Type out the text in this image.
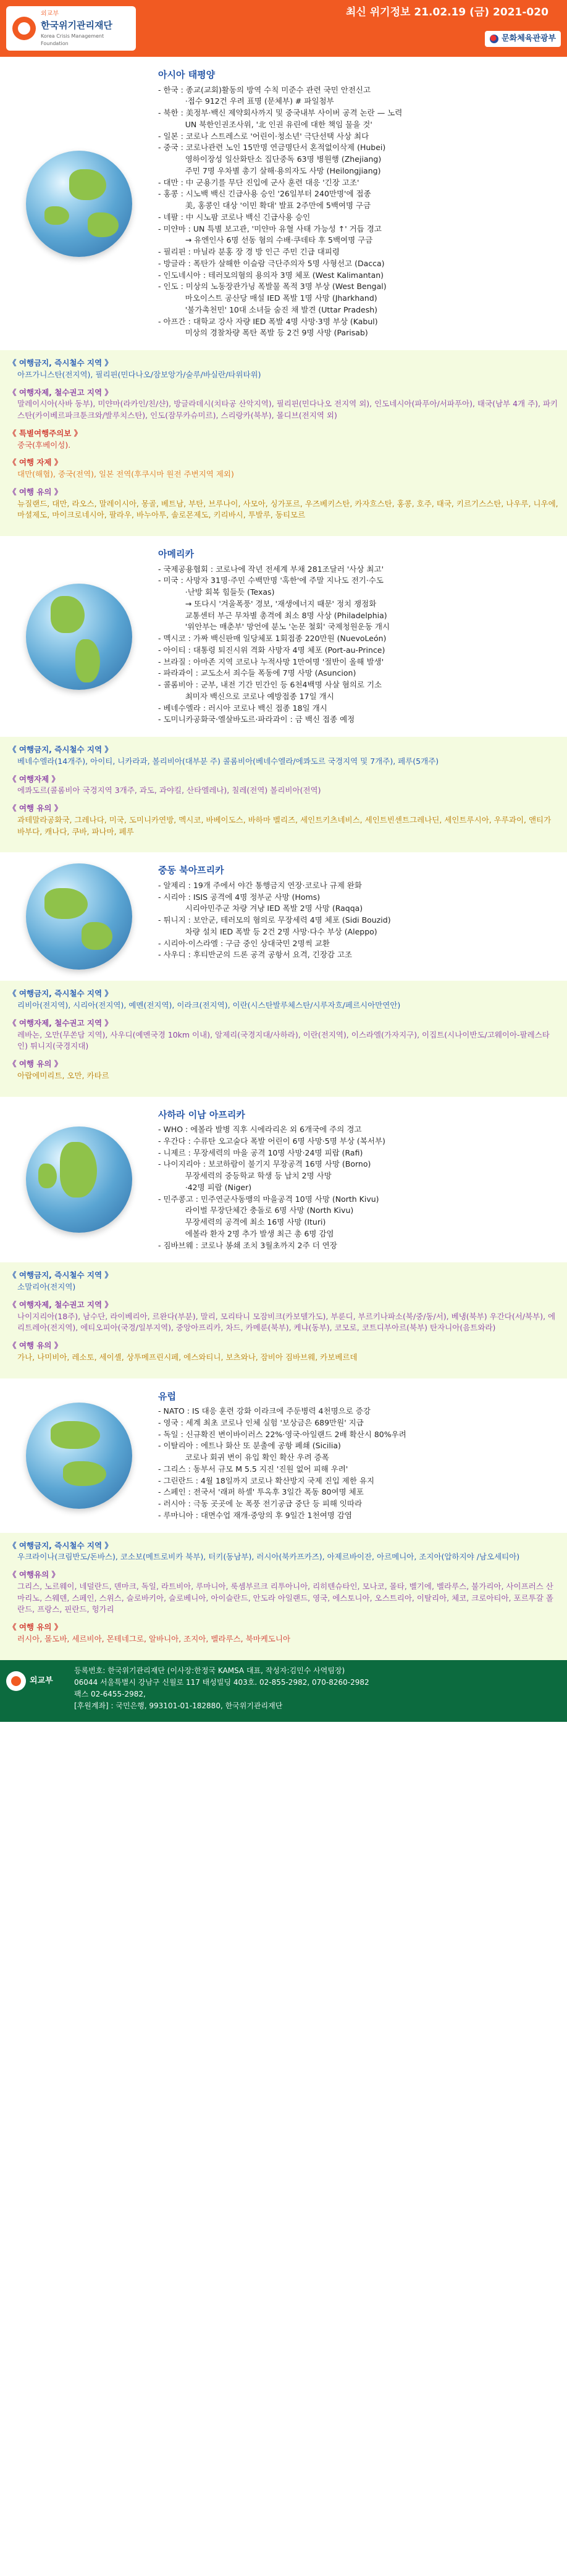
외교부
한국위기관리재단
Korea Crisis Management Foundation
최신 위기정보 21.02.19 (금) 2021-020
문화체육관광부
아시아 태평양
- 한국 : 종교(교회)활동의 방역 수칙 미준수 관련 국민 안전신고
·접수 912건 우려 표명 (문체부) # 파일첨부
- 북한 : 美정부·백신 제약회사까지 및 중국내부 사이버 공격 논란 — 노력
UN 북한인권조사위, '北 인권 유린에 대한 책임 물을 것'
- 일본 : 코로나 스트레스로 '어린이·청소년' 극단선택 사상 최다
- 중국 : 코로나관련 노인 15만명 연금명단서 혼적없이삭제 (Hubei)
영하이장성 일산화탄소 집단중독 63명 병원행 (Zhejiang)
주민 7명 우차별 총기 살해·용의자도 사망 (Heilongjiang)
- 대만 : 中 군용기를 무단 진입에 군사 훈련 대응 '긴장 고조'
- 홍콩 : 시노백 백신 긴급사용 승인 '26일부터 240만명'에 접종
美, 홍콩인 대상 '이민 확대' 발표 2주만에 5백여명 구금
- 네팔 : 中 시노팜 코로나 백신 긴급사용 승인
- 미얀마 : UN 특별 보고관, '미얀마 유혈 사태 가능성 ↑' 거듭 경고
→ 유엔인사 6명 선동 혐의 수배·쿠데타 후 5백여명 구금
- 필리핀 : 마닐라 분홍 장 경 방 인근 주민 긴급 대피령
- 방글라 : 폭탄가 살해한 이슬람 극단주의자 5명 사형선고 (Dacca)
- 인도네시아 : 테러모의혐의 용의자 3명 체포 (West Kalimantan)
- 인도 : 미상의 노동장관가닝 폭발물 폭적 3명 부상 (West Bengal)
마오이스트 공산당 매설 IED 폭발 1명 사망 (Jharkhand)
'불가촉천민' 10대 소녀들 숨진 채 발견 (Uttar Pradesh)
- 아프간 : 대학교 강사 자량 IED 폭발 4명 사망·3명 부상 (Kabul)
미상의 경찰차량 폭탄 폭발 등 2건 9명 사망 (Parisab)
《 여행금지, 즉시철수 지역 》
아프가니스탄(전지역), 필리핀(민다나오/잠보앙가/술루/바실란/타위타위)
《 여행자제, 철수권고 지역 》
말레이시아(사바 동부), 미얀마(라카인/친/샨), 방글라데시(치타공 산악지역), 필리핀(민다나오 전지역 외), 인도네시아(파푸아/서파푸아), 태국(남부 4개 주), 파키스탄(카이베르파크툰크와/발루치스탄), 인도(잠무카슈미르), 스리랑카(북부), 몰디브(전지역 외)
《 특별여행주의보 》
중국(후베이성).
《 여행 자제 》
대만(해협), 중국(전역), 일본 전역(후쿠시마 원전 주변지역 제외)
《 여행 유의 》
뉴질랜드, 대만, 라오스, 말레이시아, 몽골, 베트남, 부탄, 브루나이, 사모아, 싱가포르, 우즈베키스탄, 카자흐스탄, 홍콩, 호주, 태국, 키르기스스탄, 나우루, 니우에, 마셜제도, 마이크로네시아, 팔라우, 바누아투, 솔로몬제도, 키리바시, 투발루, 동티모르
아메리카
- 국제공용협회 : 코로나에 작년 전세계 부채 281조달러 '사상 최고'
- 미국 : 사망자 31명·주민 수백만명 '혹한'에 주말 지나도 전기·수도
·난방 회복 힘들듯 (Texas)
→ 또다시 '겨울폭풍' 경보, '재생에너지 때문' 정치 쟁점화
교통센터 부근 무차별 총격에 최소 8명 사상 (Philadelphia)
'위안부는 매춘부' 망언에 분노 '논문 철회' 국제청원운동 개시
- 멕시코 : 가짜 백신판매 일당체포 1회접종 220만원 (NuevoLeón)
- 아이티 : 대통령 퇴진시위 격화 사망자 4명 체포 (Port-au-Prince)
- 브라질 : 아마존 지역 코로나 누적사망 1만여명 '절반이 올해 발생'
- 파라과이 : 교도소서 죄수들 폭동에 7명 사망 (Asuncion)
- 콜롬비아 : 군부, 내전 기간 민간인 등 6천4백명 사살 혐의로 기소
최미자 백신으로 코로나 예방접종 17일 개시
- 베네수엘라 : 러시아 코로나 백신 접종 18일 개시
- 도미니카공화국·엘살바도르·파라과이 : 금 백신 접종 예정
《 여행금지, 즉시철수 지역 》
베네수엘라(14개주), 아이티, 니카라과, 볼리비아(대부분 주) 콜롬비아(베네수엘라/에콰도르 국경지역 및 7개주), 페루(5개주)
《 여행자제 》
에콰도르(콜롬비아 국경지역 3개주, 과도, 과야킬, 산타엘레나), 칠레(전역) 볼리비아(전역)
《 여행 유의 》
과테말라공화국, 그레나다, 미국, 도미니카연방, 멕시코, 바베이도스, 바하마 벨리즈, 세인트키츠네비스, 세인트빈센트그레나딘, 세인트루시아, 우루과이, 앤티가바부다, 캐나다, 쿠바, 파나마, 페루
중동 북아프리카
- 알제리 : 19개 주에서 야간 통행금지 연장·코로나 규제 완화
- 시리아 : ISIS 공격에 4명 정부군 사망 (Homs)
시리아민주군 차량 겨냥 IED 폭발 2명 사망 (Raqqa)
- 튀니지 : 보안군, 테러모의 혐의로 무장세력 4명 체포 (Sidi Bouzid)
차량 설치 IED 폭발 등 2건 2명 사망·다수 부상 (Aleppo)
- 시리아·이스라엘 : 구금 중인 상대국민 2명씩 교환
- 사우디 : 후티반군의 드론 공격 공항서 요격, 긴장감 고조
《 여행금지, 즉시철수 지역 》
리비아(전지역), 시리아(전지역), 예멘(전지역), 이라크(전지역), 이란(시스탄발루체스탄/시루자흐/페르시아만연안)
《 여행자제, 철수권고 지역 》
레바논, 오만(무쏜담 지역), 사우디(예멘국경 10km 이내), 알제리(국경지대/사하라), 이란(전지역), 이스라엘(가자지구), 이집트(시나이반도/고웨이아-팔레스타인) 튀니지(국경지대)
《 여행 유의 》
아랍에미리트, 오만, 카타르
사하라 이남 아프리카
- WHO : 에볼라 발병 직후 시에라리온 외 6개국에 주의 경고
- 우간다 : 수류탄 오고술다 폭발 어린이 6명 사망·5명 부상 (복서부)
- 니제르 : 무장세력의 마을 공격 10명 사망·24명 피랍 (Rafi)
- 나이지리아 : 보코하람이 불기지 무장공격 16명 사망 (Borno)
무장세력의 중등학교 학생 등 납치 2명 사망
·42명 피랍 (Niger)
- 민주콩고 : 민주연군사동맹의 마을공격 10명 사망 (North Kivu)
라이벌 무장단체간 충돌로 6명 사망 (North Kivu)
무장세력의 공격에 최소 16명 사망 (Ituri)
에볼라 환자 2명 추가 발생 최근 총 6명 감염
- 짐바브웨 : 코로나 봉쇄 조치 3월초까지 2주 더 연장
《 여행금지, 즉시철수 지역 》
소말리아(전지역)
《 여행자제, 철수권고 지역 》
나이지리아(18주), 남수단, 라이베리아, 르완다(부분), 말리, 모리타니 모잠비크(카보델가도), 부룬디, 부르키나파소(북/중/동/서), 베냉(북부) 우간다(서/북부), 에리트레아(전지역), 에티오피아(국경/일부지역), 중앙아프리카, 차드, 카메룬(북부), 케냐(동부), 코모로, 코트디부아르(북부) 탄자니아(음트와라)
《 여행 유의 》
가나, 나미비아, 레소토, 세이셸, 상투메프린시페, 에스와티니, 보츠와나, 잠비아 짐바브웨, 카보베르데
유럽
- NATO : IS 대응 훈련 강화 이라크에 주둔병력 4천명으로 증강
- 영국 : 세계 최초 코로나 인체 실험 '보상금은 689만원' 지급
- 독일 : 신규확진 변이바이러스 22%·영국·아일랜드 2배 확산시 80%우려
- 이탈리아 : 에트나 화산 또 분출에 공항 폐쇄 (Sicilia)
코로나 회귀 변이 유입 확인 확산 우려 증폭
- 그리스 : 동부서 규모 M 5.5 지진 '진원 없어 피해 우려'
- 그린란드 : 4월 18일까지 코로나 확산방지 국제 진입 제한 유지
- 스페인 : 전국서 '래퍼 하셀' 투옥후 3일간 폭동 80여명 체포
- 러시아 : 극동 곳곳에 눈 폭풍 전기공급 중단 등 피해 잇따라
- 루마니아 : 대면수업 재개·중앙의 후 9일간 1천여명 감염
《 여행금지, 즉시철수 지역 》
우크라이나(크림반도/돈바스), 코소보(메트로비카 북부), 터키(동남부), 러시아(북카프카즈), 아제르바이잔, 아르메니아, 조지아(압하지야 /남오세티아)
《 여행유의 》
그리스, 노르웨이, 네덜란드, 덴마크, 독일, 라트비아, 루마니아, 룩셈부르크 리투아니아, 리히텐슈타인, 모나코, 몰타, 벨기에, 벨라루스, 불가리아, 사이프러스 산마리노, 스웨덴, 스페인, 스위스, 슬로바키아, 슬로베니아, 아이슬란드, 안도라 아일랜드, 영국, 에스토니아, 오스트리아, 이탈리아, 체코, 크로아티아, 포르투갈 폴란드, 프랑스, 핀란드, 헝가리
《 여행 유의 》
러시아, 몰도바, 세르비아, 몬테네그로, 알바니아, 조지아, 벨라루스, 북마케도니아
외교부
등록번호: 한국위기관리재단 (이사장:한정국 KAMSA 대표, 작성자:김민수 사역팀장)
06044 서울특별시 강남구 신월로 117 태성빌딩 403호. 02-855-2982, 070-8260-2982
팩스 02-6455-2982,
[후원계좌] : 국민은행, 993101-01-182880, 한국위기관리재단
